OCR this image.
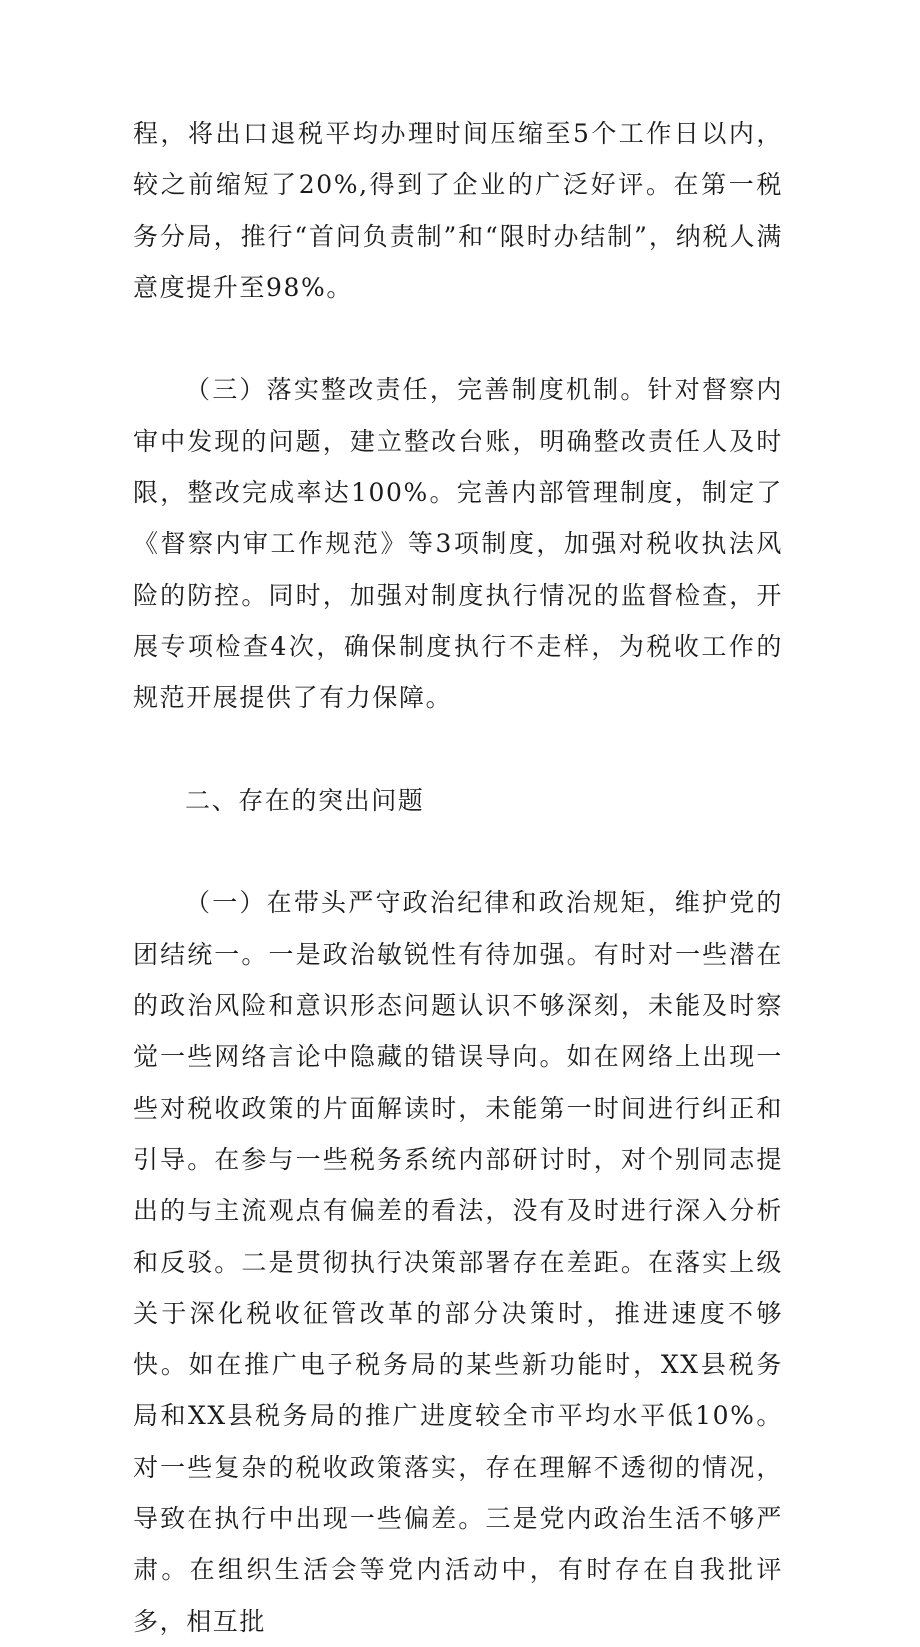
程，将出口退税平均办理时间压缩至5个工作日以内，较之前缩短了20%,得到了企业的广泛好评。在第一税务分局，推行“首问负责制”和“限时办结制”，纳税人满意度提升至98%。

（三）落实整改责任，完善制度机制。针对督察内审中发现的问题，建立整改台账，明确整改责任人及时限，整改完成率达100%。完善内部管理制度，制定了《督察内审工作规范》等3项制度，加强对税收执法风险的防控。同时，加强对制度执行情况的监督检查，开展专项检查4次，确保制度执行不走样，为税收工作的规范开展提供了有力保障。

二、存在的突出问题

（一）在带头严守政治纪律和政治规矩，维护党的团结统一。一是政治敏锐性有待加强。有时对一些潜在的政治风险和意识形态问题认识不够深刻，未能及时察觉一些网络言论中隐藏的错误导向。如在网络上出现一些对税收政策的片面解读时，未能第一时间进行纠正和引导。在参与一些税务系统内部研讨时，对个别同志提出的与主流观点有偏差的看法，没有及时进行深入分析和反驳。二是贯彻执行决策部署存在差距。在落实上级关于深化税收征管改革的部分决策时，推进速度不够快。如在推广电子税务局的某些新功能时，XX县税务局和XX县税务局的推广进度较全市平均水平低10%。对一些复杂的税收政策落实，存在理解不透彻的情况，导致在执行中出现一些偏差。三是党内政治生活不够严肃。在组织生活会等党内活动中，有时存在自我批评多，相互批
